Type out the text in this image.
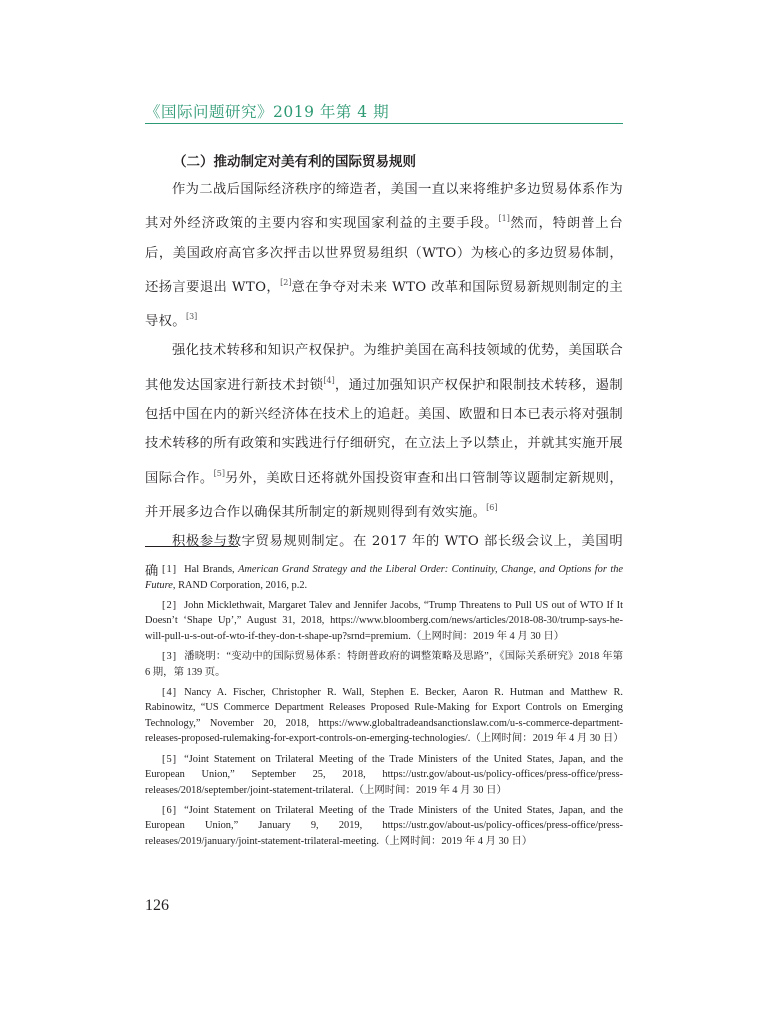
《国际问题研究》2019 年第 4 期
（二）推动制定对美有利的国际贸易规则

作为二战后国际经济秩序的缔造者，美国一直以来将维护多边贸易体系作为其对外经济政策的主要内容和实现国家利益的主要手段。[1]然而，特朗普上台后，美国政府高官多次抨击以世界贸易组织（WTO）为核心的多边贸易体制，还扬言要退出 WTO，[2]意在争夺对未来 WTO 改革和国际贸易新规则制定的主导权。[3]

强化技术转移和知识产权保护。为维护美国在高科技领域的优势，美国联合其他发达国家进行新技术封锁[4]，通过加强知识产权保护和限制技术转移，遏制包括中国在内的新兴经济体在技术上的追赶。美国、欧盟和日本已表示将对强制技术转移的所有政策和实践进行仔细研究，在立法上予以禁止，并就其实施开展国际合作。[5]另外，美欧日还将就外国投资审查和出口管制等议题制定新规则，并开展多边合作以确保其所制定的新规则得到有效实施。[6]

积极参与数字贸易规则制定。在 2017 年的 WTO 部长级会议上，美国明确 [1] Hal Brands, American Grand Strategy and the Liberal Order: Continuity, Change, and Options for the Future, RAND Corporation, 2016, p.2.

[2] John Micklethwait, Margaret Talev and Jennifer Jacobs, “Trump Threatens to Pull US out of WTO If It Doesn’t ‘Shape Up’,” August 31, 2018, https://www.bloomberg.com/news/articles/2018-08-30/trump-says-he-will-pull-u-s-out-of-wto-if-they-don-t-shape-up?srnd=premium.（上网时间：2019 年 4 月 30 日）

[3] 潘晓明：“变动中的国际贸易体系：特朗普政府的调整策略及思路”，《国际关系研究》2018 年第 6 期，第 139 页。

[4] Nancy A. Fischer, Christopher R. Wall, Stephen E. Becker, Aaron R. Hutman and Matthew R. Rabinowitz, “US Commerce Department Releases Proposed Rule-Making for Export Controls on Emerging Technology,” November 20, 2018, https://www.globaltradeandsanctionslaw.com/u-s-commerce-department-releases-proposed-rulemaking-for-export-controls-on-emerging-technologies/.（上网时间：2019 年 4 月 30 日）

[5] “Joint Statement on Trilateral Meeting of the Trade Ministers of the United States, Japan, and the European Union,” September 25, 2018, https://ustr.gov/about-us/policy-offices/press-office/press-releases/2018/september/joint-statement-trilateral.（上网时间：2019 年 4 月 30 日）

[6] “Joint Statement on Trilateral Meeting of the Trade Ministers of the United States, Japan, and the European Union,” January 9, 2019, https://ustr.gov/about-us/policy-offices/press-office/press-releases/2019/january/joint-statement-trilateral-meeting.（上网时间：2019 年 4 月 30 日）

126
